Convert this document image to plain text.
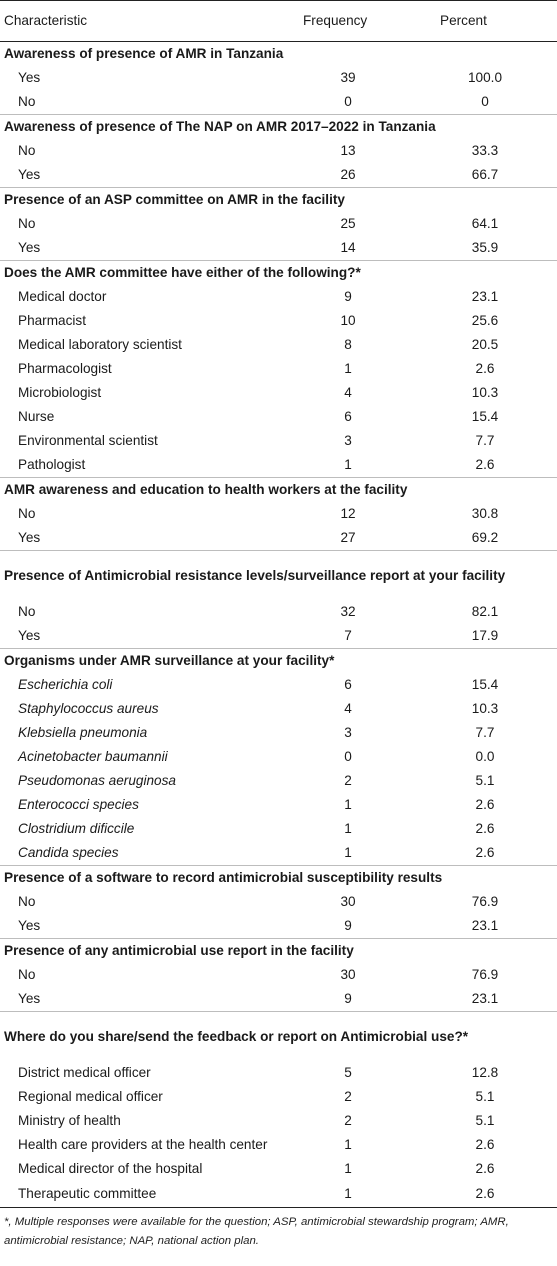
Characteristic	Frequency	Percent
Awareness of presence of AMR in Tanzania		
Yes	39	100.0
No	0	0
Awareness of presence of The NAP on AMR 2017–2022 in Tanzania		
No	13	33.3
Yes	26	66.7
Presence of an ASP committee on AMR in the facility		
No	25	64.1
Yes	14	35.9
Does the AMR committee have either of the following?*		
Medical doctor	9	23.1
Pharmacist	10	25.6
Medical laboratory scientist	8	20.5
Pharmacologist	1	2.6
Microbiologist	4	10.3
Nurse	6	15.4
Environmental scientist	3	7.7
Pathologist	1	2.6
AMR awareness and education to health workers at the facility		
No	12	30.8
Yes	27	69.2
Presence of Antimicrobial resistance levels/surveillance report at your facility		
No	32	82.1
Yes	7	17.9
Organisms under AMR surveillance at your facility*		
Escherichia coli	6	15.4
Staphylococcus aureus	4	10.3
Klebsiella pneumonia	3	7.7
Acinetobacter baumannii	0	0.0
Pseudomonas aeruginosa	2	5.1
Enterococci species	1	2.6
Clostridium dificcile	1	2.6
Candida species	1	2.6
Presence of a software to record antimicrobial susceptibility results		
No	30	76.9
Yes	9	23.1
Presence of any antimicrobial use report in the facility		
No	30	76.9
Yes	9	23.1
Where do you share/send the feedback or report on Antimicrobial use?*		
District medical officer	5	12.8
Regional medical officer	2	5.1
Ministry of health	2	5.1
Health care providers at the health center	1	2.6
Medical director of the hospital	1	2.6
Therapeutic committee	1	2.6
*, Multiple responses were available for the question; ASP, antimicrobial stewardship program; AMR, antimicrobial resistance; NAP, national action plan.
